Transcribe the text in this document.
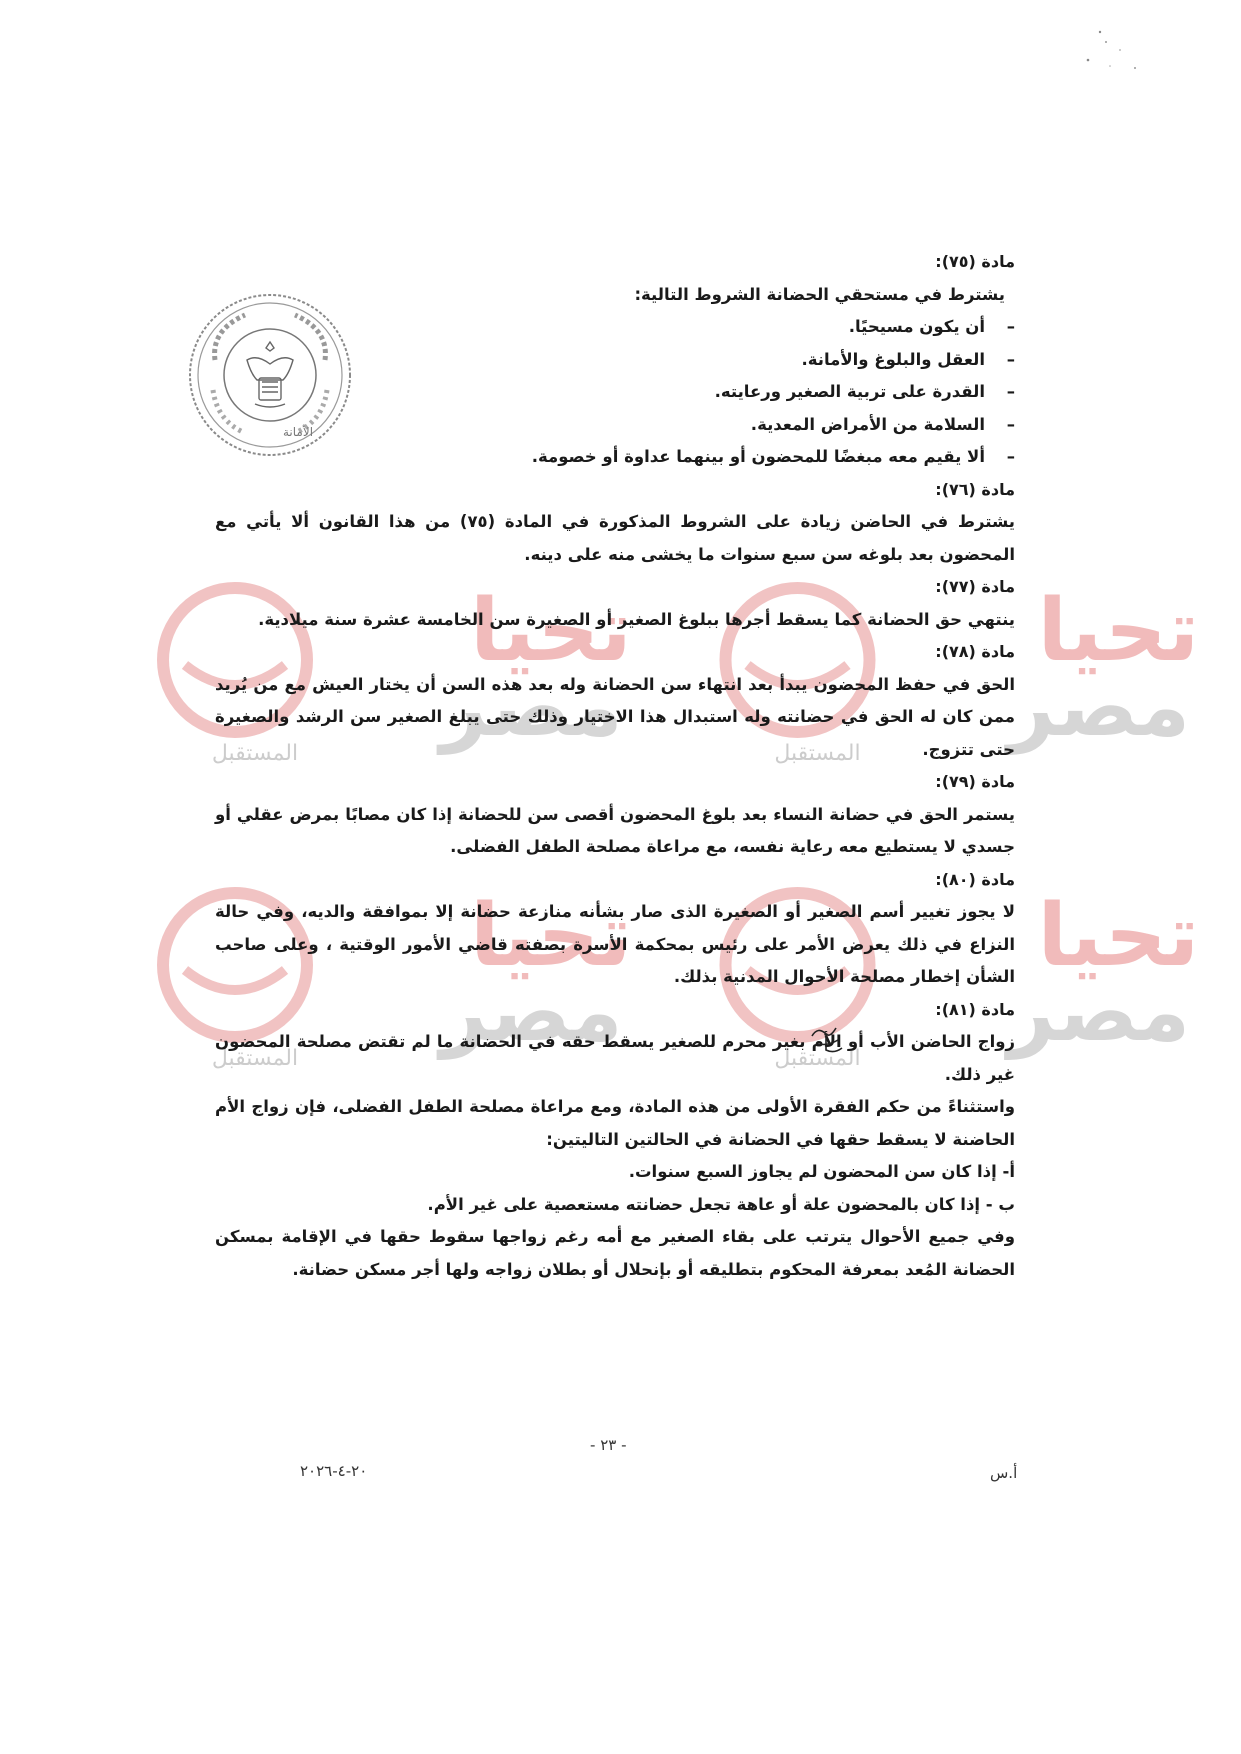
الأمانة
تحيا
مصر
المستقبل
تحيا
مصر
المستقبل
تحيا
مصر
المستقبل
تحيا
مصر
المستقبل

مادة (٧٥):

يشترط في مستحقي الحضانة الشروط التالية:

– أن يكون مسيحيًا.
– العقل والبلوغ والأمانة.
– القدرة على تربية الصغير ورعايته.
– السلامة من الأمراض المعدية.
– ألا يقيم معه مبغضًا للمحضون أو بينهما عداوة أو خصومة.

مادة (٧٦):

يشترط في الحاضن زيادة على الشروط المذكورة في المادة (٧٥) من هذا القانون ألا يأتي مع المحضون بعد بلوغه سن سبع سنوات ما يخشى منه على دينه.

مادة (٧٧):

ينتهي حق الحضانة كما يسقط أجرها ببلوغ الصغير أو الصغيرة سن الخامسة عشرة سنة ميلادية.

مادة (٧٨):

الحق في حفظ المحضون يبدأ بعد انتهاء سن الحضانة وله بعد هذه السن أن يختار العيش مع من يُريد ممن كان له الحق في حضانته وله استبدال هذا الاختيار وذلك حتى يبلغ الصغير سن الرشد والصغيرة حتى تتزوج.

مادة (٧٩):

يستمر الحق في حضانة النساء بعد بلوغ المحضون أقصى سن للحضانة إذا كان مصابًا بمرض عقلي أو جسدي لا يستطيع معه رعاية نفسه، مع مراعاة مصلحة الطفل الفضلى.

مادة (٨٠):

لا يجوز تغيير أسم الصغير أو الصغيرة الذى صار بشأنه منازعة حضانة إلا بموافقة والديه، وفي حالة النزاع في ذلك يعرض الأمر على رئيس بمحكمة الأسرة بصفته قاضي الأمور الوقتية ، وعلى صاحب الشأن إخطار مصلحة الأحوال المدنية بذلك.

مادة (٨١):

زواج الحاضن الأب أو الأم بغير محرم للصغير يسقط حقه في الحضانة ما لم تقتض مصلحة المحضون غير ذلك.

واستثناءً من حكم الفقرة الأولى من هذه المادة، ومع مراعاة مصلحة الطفل الفضلى، فإن زواج الأم الحاضنة لا يسقط حقها في الحضانة في الحالتين التاليتين:

أ- إذا كان سن المحضون لم يجاوز السبع سنوات.

ب - إذا كان بالمحضون علة أو عاهة تجعل حضانته مستعصية على غير الأم.

وفي جميع الأحوال يترتب على بقاء الصغير مع أمه رغم زواجها سقوط حقها في الإقامة بمسكن الحضانة المُعد بمعرفة المحكوم بتطليقه أو بإنحلال أو بطلان زواجه ولها أجر مسكن حضانة.

- ٢٣ -
٢٠-٤-٢٠٢٦	أ.س
